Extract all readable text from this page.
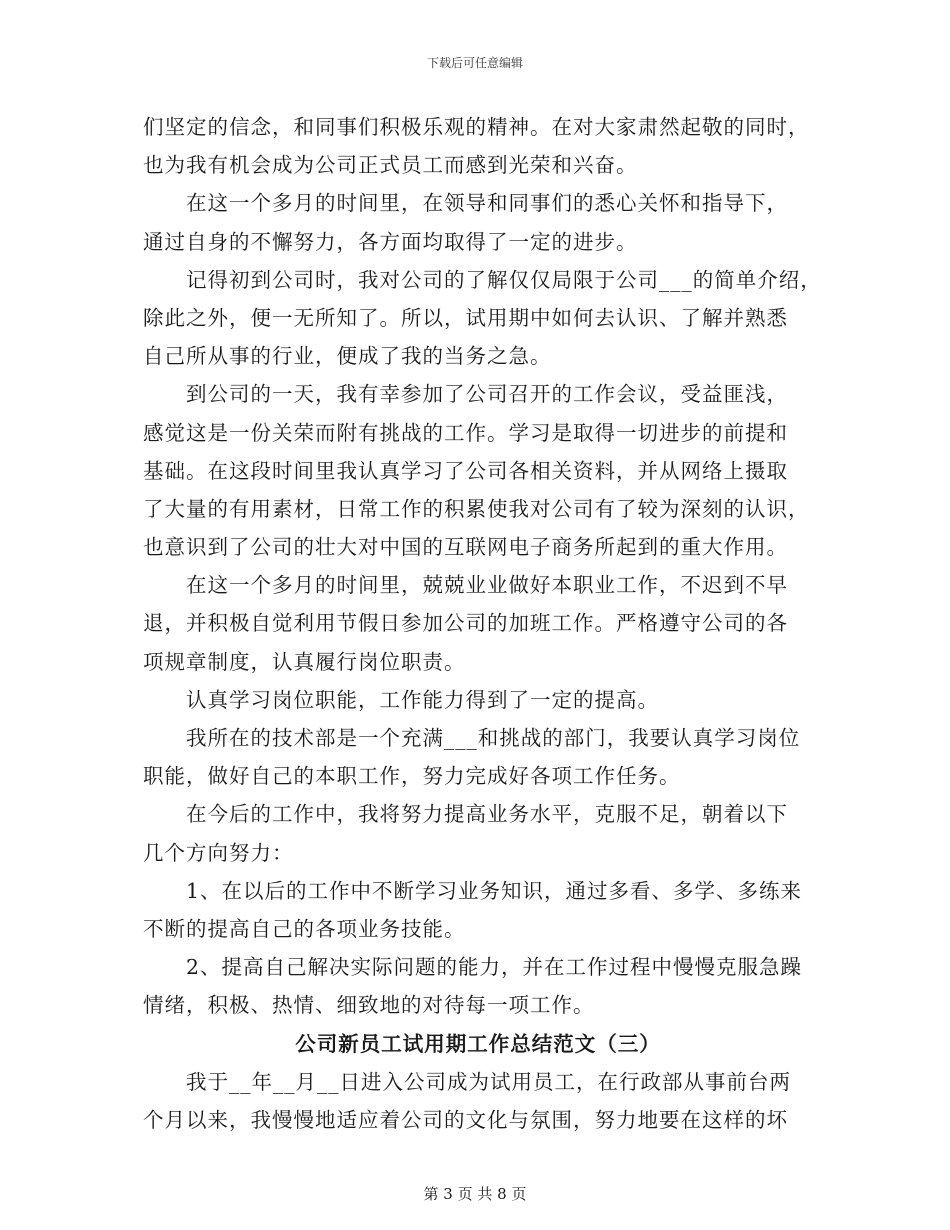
下载后可任意编辑
们坚定的信念，和同事们积极乐观的精神。在对大家肃然起敬的同时，
也为我有机会成为公司正式员工而感到光荣和兴奋。
在这一个多月的时间里，在领导和同事们的悉心关怀和指导下，
通过自身的不懈努力，各方面均取得了一定的进步。
记得初到公司时，我对公司的了解仅仅局限于公司___的简单介绍，
除此之外，便一无所知了。所以，试用期中如何去认识、了解并熟悉
自己所从事的行业，便成了我的当务之急。
到公司的一天，我有幸参加了公司召开的工作会议，受益匪浅，
感觉这是一份关荣而附有挑战的工作。学习是取得一切进步的前提和
基础。在这段时间里我认真学习了公司各相关资料，并从网络上摄取
了大量的有用素材，日常工作的积累使我对公司有了较为深刻的认识，
也意识到了公司的壮大对中国的互联网电子商务所起到的重大作用。
在这一个多月的时间里，兢兢业业做好本职业工作，不迟到不早
退，并积极自觉利用节假日参加公司的加班工作。严格遵守公司的各
项规章制度，认真履行岗位职责。
认真学习岗位职能，工作能力得到了一定的提高。
我所在的技术部是一个充满___和挑战的部门，我要认真学习岗位
职能，做好自己的本职工作，努力完成好各项工作任务。
在今后的工作中，我将努力提高业务水平，克服不足，朝着以下
几个方向努力：
1、在以后的工作中不断学习业务知识，通过多看、多学、多练来
不断的提高自己的各项业务技能。
2、提高自己解决实际问题的能力，并在工作过程中慢慢克服急躁
情绪，积极、热情、细致地的对待每一项工作。
公司新员工试用期工作总结范文（三）
我于__年__月__日进入公司成为试用员工，在行政部从事前台两
个月以来，我慢慢地适应着公司的文化与氛围，努力地要在这样的坏
第 3 页 共 8 页
